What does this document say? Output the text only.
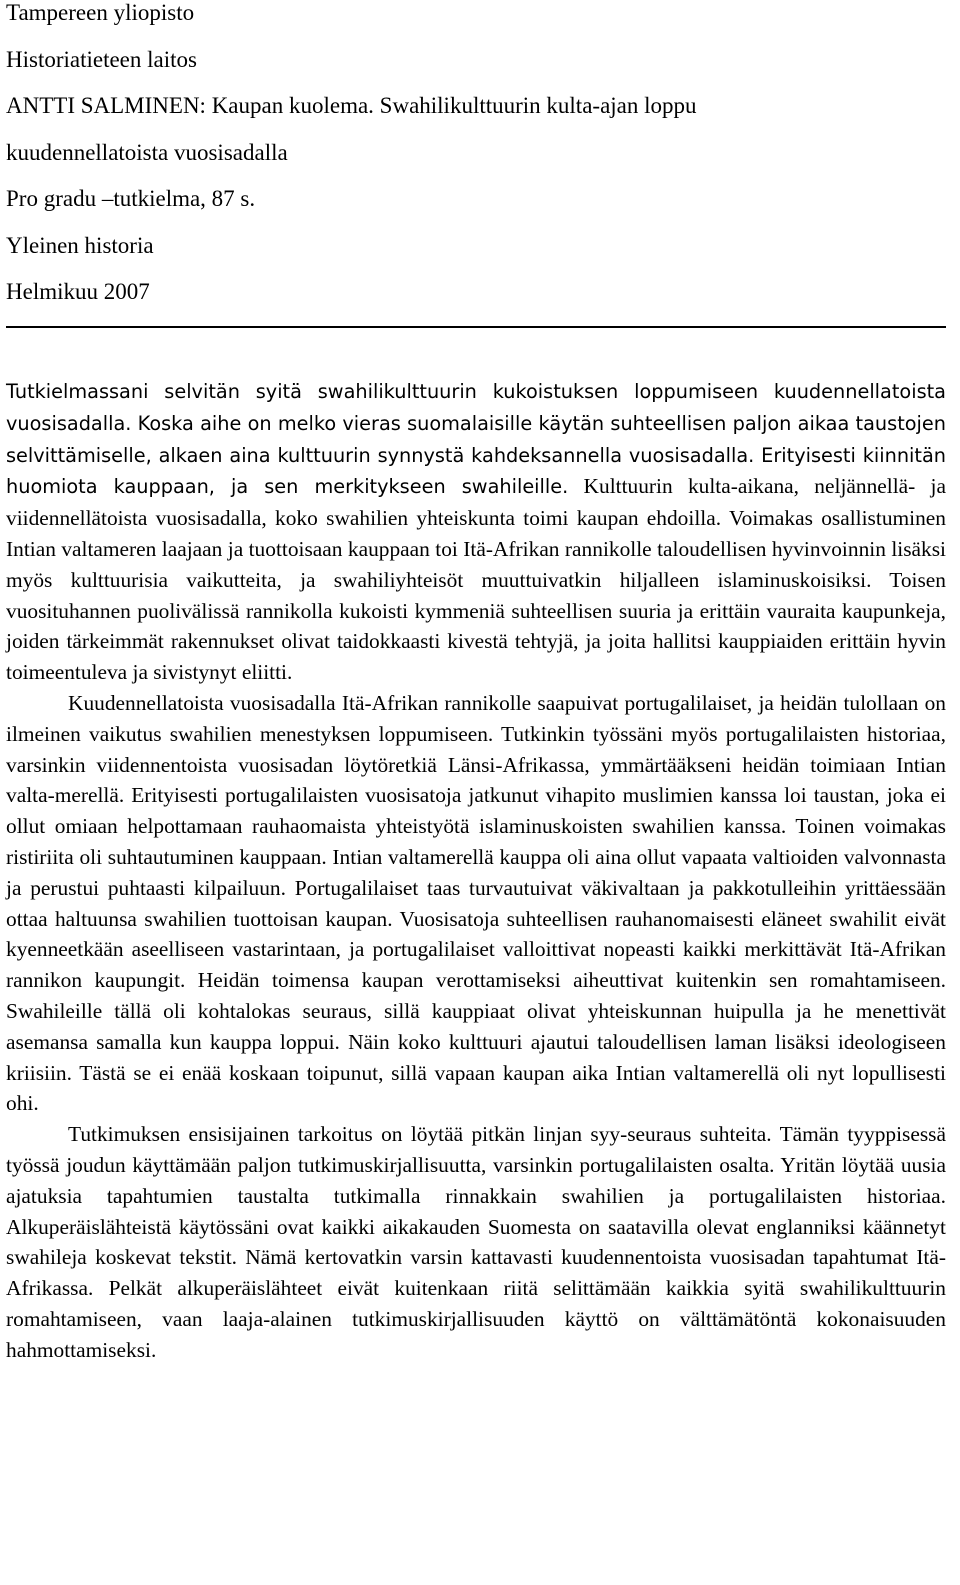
Tampereen yliopisto
Historiatieteen laitos
ANTTI SALMINEN: Kaupan kuolema. Swahilikulttuurin kulta-ajan loppu
kuudennellatoista vuosisadalla
Pro gradu –tutkielma, 87 s.
Yleinen historia
Helmikuu 2007

Tutkielmassani selvitän syitä swahilikulttuurin kukoistuksen loppumiseen kuudennellatoista vuosisadalla. Koska aihe on melko vieras suomalaisille käytän suhteellisen paljon aikaa taustojen selvittämiselle, alkaen aina kulttuurin synnystä kahdeksannella vuosisadalla. Erityisesti kiinnitän huomiota kauppaan, ja sen merkitykseen swahileille. Kulttuurin kulta-aikana, neljännellä- ja viidennellätoista vuosisadalla, koko swahilien yhteiskunta toimi kaupan ehdoilla. Voimakas osallistuminen Intian valtameren laajaan ja tuottoisaan kauppaan toi Itä-Afrikan rannikolle taloudellisen hyvinvoinnin lisäksi myös kulttuurisia vaikutteita, ja swahiliyhteisöt muuttuivatkin hiljalleen islaminuskoisiksi. Toisen vuosituhannen puolivälissä rannikolla kukoisti kymmeniä suhteellisen suuria ja erittäin vauraita kaupunkeja, joiden tärkeimmät rakennukset olivat taidokkaasti kivestä tehtyjä, ja joita hallitsi kauppiaiden erittäin hyvin toimeentuleva ja sivistynyt eliitti.

Kuudennellatoista vuosisadalla Itä-Afrikan rannikolle saapuivat portugalilaiset, ja heidän tulollaan on ilmeinen vaikutus swahilien menestyksen loppumiseen. Tutkinkin työssäni myös portugalilaisten historiaa, varsinkin viidennentoista vuosisadan löytöretkiä Länsi-Afrikassa, ymmärtääkseni heidän toimiaan Intian valta-merellä. Erityisesti portugalilaisten vuosisatoja jatkunut vihapito muslimien kanssa loi taustan, joka ei ollut omiaan helpottamaan rauhaomaista yhteistyötä islaminuskoisten swahilien kanssa. Toinen voimakas ristiriita oli suhtautuminen kauppaan. Intian valtamerellä kauppa oli aina ollut vapaata valtioiden valvonnasta ja perustui puhtaasti kilpailuun. Portugalilaiset taas turvautuivat väkivaltaan ja pakkotulleihin yrittäessään ottaa haltuunsa swahilien tuottoisan kaupan. Vuosisatoja suhteellisen rauhanomaisesti eläneet swahilit eivät kyenneetkään aseelliseen vastarintaan, ja portugalilaiset valloittivat nopeasti kaikki merkittävät Itä-Afrikan rannikon kaupungit. Heidän toimensa kaupan verottamiseksi aiheuttivat kuitenkin sen romahtamiseen. Swahileille tällä oli kohtalokas seuraus, sillä kauppiaat olivat yhteiskunnan huipulla ja he menettivät asemansa samalla kun kauppa loppui. Näin koko kulttuuri ajautui taloudellisen laman lisäksi ideologiseen kriisiin. Tästä se ei enää koskaan toipunut, sillä vapaan kaupan aika Intian valtamerellä oli nyt lopullisesti ohi.

Tutkimuksen ensisijainen tarkoitus on löytää pitkän linjan syy-seuraus suhteita. Tämän tyyppisessä työssä joudun käyttämään paljon tutkimuskirjallisuutta, varsinkin portugalilaisten osalta. Yritän löytää uusia ajatuksia tapahtumien taustalta tutkimalla rinnakkain swahilien ja portugalilaisten historiaa. Alkuperäislähteistä käytössäni ovat kaikki aikakauden Suomesta on saatavilla olevat englanniksi käännetyt swahileja koskevat tekstit. Nämä kertovatkin varsin kattavasti kuudennentoista vuosisadan tapahtumat Itä-Afrikassa. Pelkät alkuperäislähteet eivät kuitenkaan riitä selittämään kaikkia syitä swahilikulttuurin romahtamiseen, vaan laaja-alainen tutkimuskirjallisuuden käyttö on välttämätöntä kokonaisuuden hahmottamiseksi.
